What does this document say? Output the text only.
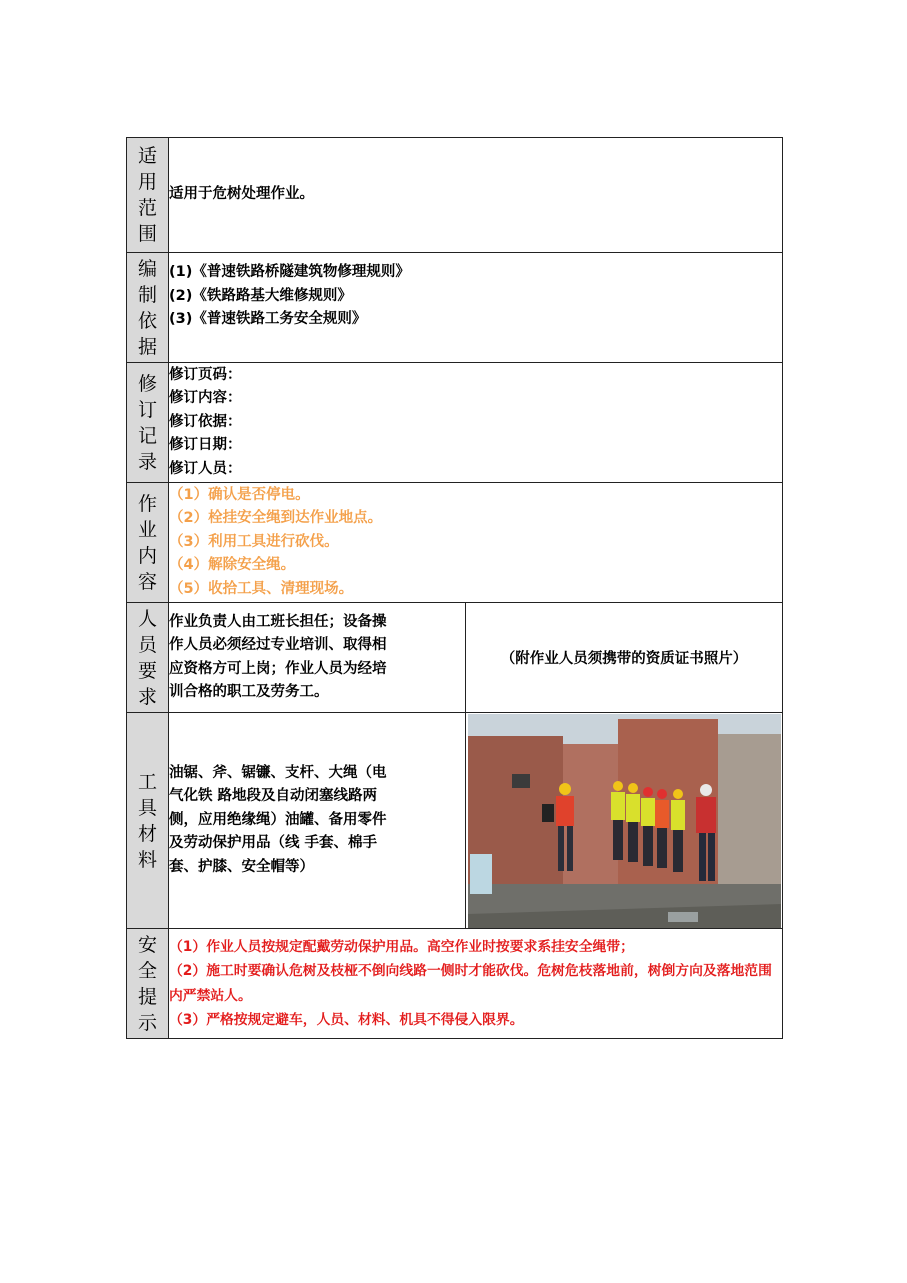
适
用
范
围	适用于危树处理作业。	

编
制
依
据	(1)《普速铁路桥隧建筑物修理规则》
(2)《铁路路基大维修规则》
(3)《普速铁路工务安全规则》	

修
订
记
录	修订页码：
修订内容：
修订依据：
修订日期：
修订人员：	

作
业
内
容	（1）确认是否停电。
（2）栓挂安全绳到达作业地点。
（3）利用工具进行砍伐。
（4）解除安全绳。
（5）收拾工具、清理现场。	

人
员
要
求	作业负责人由工班长担任；设备操
作人员必须经过专业培训、取得相
应资格方可上岗；作业人员为经培
训合格的职工及劳务工。	（附作业人员须携带的资质证书照片）

工
具
材
料	油锯、斧、锯镰、支杆、大绳（电
气化铁 路地段及自动闭塞线路两
侧，应用绝缘绳）油罐、备用零件
及劳动保护用品（线 手套、棉手
套、护膝、安全帽等）

安
全
提
示	（1）作业人员按规定配戴劳动保护用品。高空作业时按要求系挂安全绳带；
（2）施工时要确认危树及枝桠不倒向线路一侧时才能砍伐。危树危枝落地前，树倒方向及落地范围内严禁站人。
（3）严格按规定避车，人员、材料、机具不得侵入限界。	
